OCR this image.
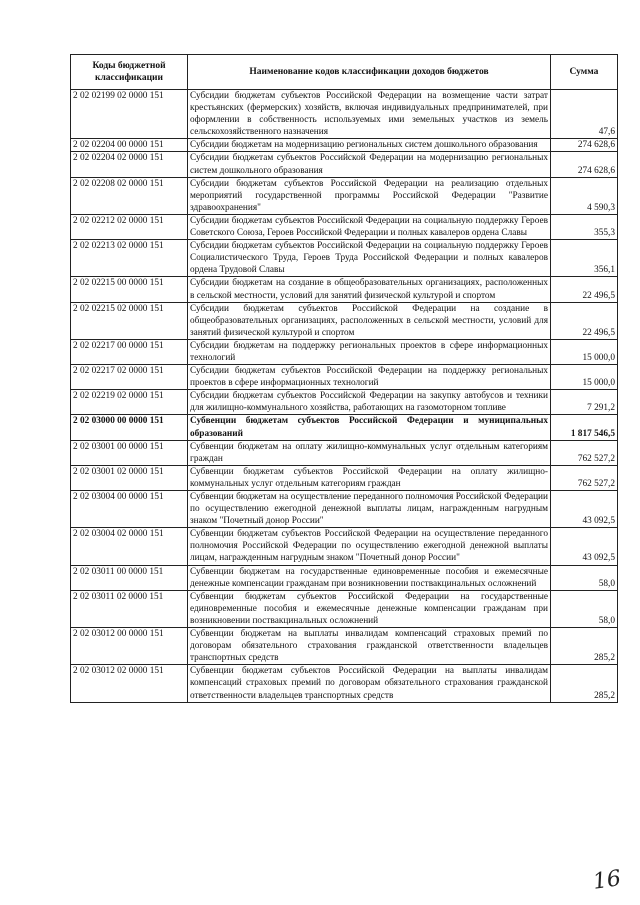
Коды бюджетной классификации	Наименование кодов классификации доходов бюджетов	Сумма
2 02 02199 02 0000 151	Субсидии бюджетам субъектов Российской Федерации на возмещение части затрат крестьянских (фермерских) хозяйств, включая индивидуальных предпринимателей, при оформлении в собственность используемых ими земельных участков из земель сельскохозяйственного назначения	47,6
2 02 02204 00 0000 151	Субсидии бюджетам на модернизацию региональных систем дошкольного образования	274 628,6
2 02 02204 02 0000 151	Субсидии бюджетам субъектов Российской Федерации на модернизацию региональных систем дошкольного образования	274 628,6
2 02 02208 02 0000 151	Субсидии бюджетам субъектов Российской Федерации на реализацию отдельных мероприятий государственной программы Российской Федерации "Развитие здравоохранения"	4 590,3
2 02 02212 02 0000 151	Субсидии бюджетам субъектов Российской Федерации на социальную поддержку Героев Советского Союза, Героев Российской Федерации и полных кавалеров ордена Славы	355,3
2 02 02213 02 0000 151	Субсидии бюджетам субъектов Российской Федерации на социальную поддержку Героев Социалистического Труда, Героев Труда Российской Федерации и полных кавалеров ордена Трудовой Славы	356,1
2 02 02215 00 0000 151	Субсидии бюджетам на создание в общеобразовательных организациях, расположенных в сельской местности, условий для занятий физической культурой и спортом	22 496,5
2 02 02215 02 0000 151	Субсидии бюджетам субъектов Российской Федерации на создание в общеобразовательных организациях, расположенных в сельской местности, условий для занятий физической культурой и спортом	22 496,5
2 02 02217 00 0000 151	Субсидии бюджетам на поддержку региональных проектов в сфере информационных технологий	15 000,0
2 02 02217 02 0000 151	Субсидии бюджетам субъектов Российской Федерации на поддержку региональных проектов в сфере информационных технологий	15 000,0
2 02 02219 02 0000 151	Субсидии бюджетам субъектов Российской Федерации на закупку автобусов и техники для жилищно-коммунального хозяйства, работающих на газомоторном топливе	7 291,2
2 02 03000 00 0000 151	Субвенции бюджетам субъектов Российской Федерации и муниципальных образований	1 817 546,5
2 02 03001 00 0000 151	Субвенции бюджетам на оплату жилищно-коммунальных услуг отдельным категориям граждан	762 527,2
2 02 03001 02 0000 151	Субвенции бюджетам субъектов Российской Федерации на оплату жилищно-коммунальных услуг отдельным категориям граждан	762 527,2
2 02 03004 00 0000 151	Субвенции бюджетам на осуществление переданного полномочия Российской Федерации по осуществлению ежегодной денежной выплаты лицам, награжденным нагрудным знаком "Почетный донор России"	43 092,5
2 02 03004 02 0000 151	Субвенции бюджетам субъектов Российской Федерации на осуществление переданного полномочия Российской Федерации по осуществлению ежегодной денежной выплаты лицам, награжденным нагрудным знаком "Почетный донор России"	43 092,5
2 02 03011 00 0000 151	Субвенции бюджетам на государственные единовременные пособия и ежемесячные денежные компенсации гражданам при возникновении поствакцинальных осложнений	58,0
2 02 03011 02 0000 151	Субвенции бюджетам субъектов Российской Федерации на государственные единовременные пособия и ежемесячные денежные компенсации гражданам при возникновении поствакцинальных осложнений	58,0
2 02 03012 00 0000 151	Субвенции бюджетам на выплаты инвалидам компенсаций страховых премий по договорам обязательного страхования гражданской ответственности владельцев транспортных средств	285,2
2 02 03012 02 0000 151	Субвенции бюджетам субъектов Российской Федерации на выплаты инвалидам компенсаций страховых премий по договорам обязательного страхования гражданской ответственности владельцев транспортных средств	285,2
16
